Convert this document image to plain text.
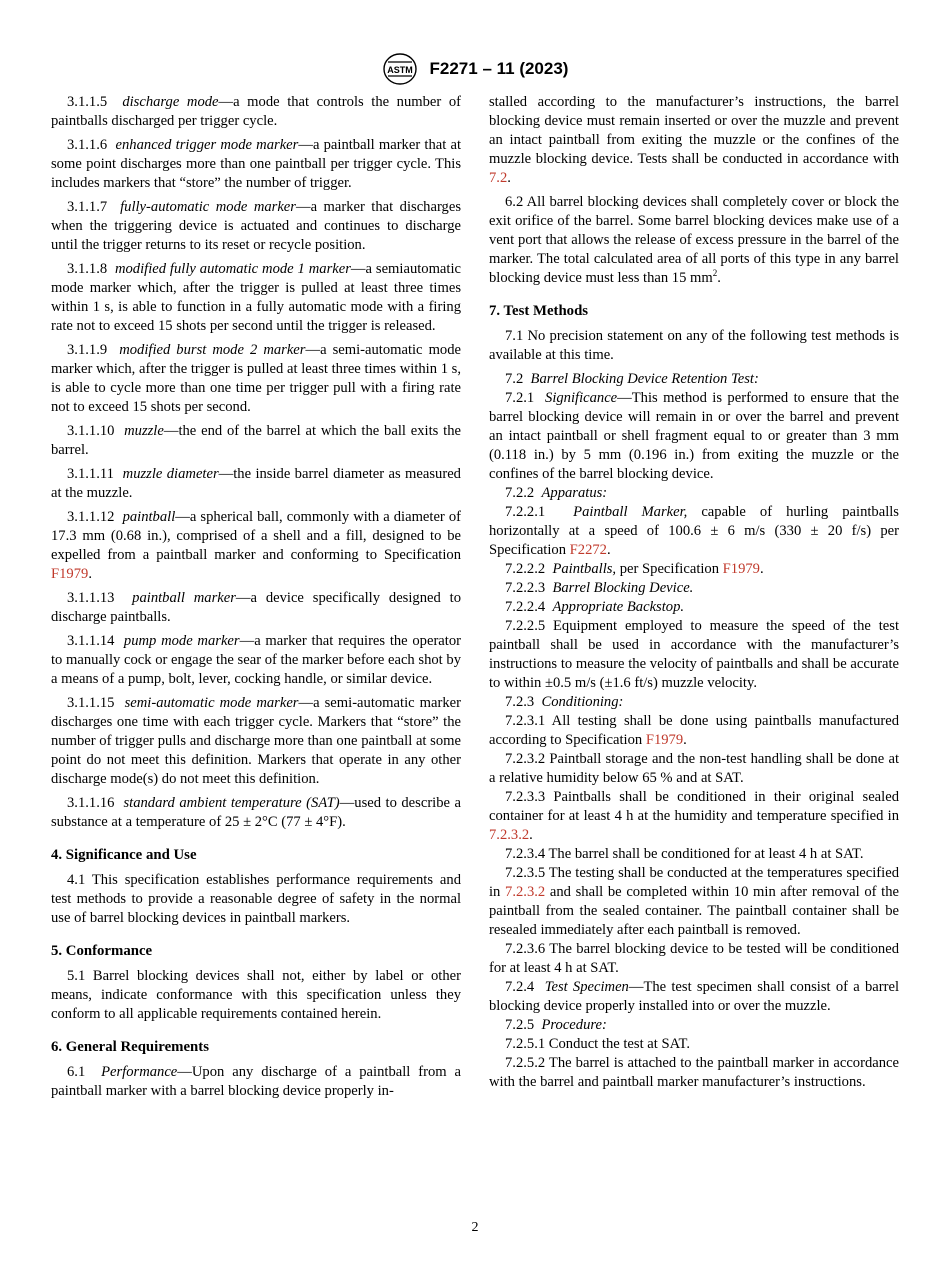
ASTM F2271 – 11 (2023)

3.1.1.5 discharge mode—a mode that controls the number of paintballs discharged per trigger cycle.

3.1.1.6 enhanced trigger mode marker—a paintball marker that at some point discharges more than one paintball per trigger cycle. This includes markers that “store” the number of trigger.

3.1.1.7 fully-automatic mode marker—a marker that discharges when the triggering device is actuated and continues to discharge until the trigger returns to its reset or recycle position.

3.1.1.8 modified fully automatic mode 1 marker—a semiautomatic mode marker which, after the trigger is pulled at least three times within 1 s, is able to function in a fully automatic mode with a firing rate not to exceed 15 shots per second until the trigger is released.

3.1.1.9 modified burst mode 2 marker—a semi-automatic mode marker which, after the trigger is pulled at least three times within 1 s, is able to cycle more than one time per trigger pull with a firing rate not to exceed 15 shots per second.

3.1.1.10 muzzle—the end of the barrel at which the ball exits the barrel.

3.1.1.11 muzzle diameter—the inside barrel diameter as measured at the muzzle.

3.1.1.12 paintball—a spherical ball, commonly with a diameter of 17.3 mm (0.68 in.), comprised of a shell and a fill, designed to be expelled from a paintball marker and conforming to Specification F1979.

3.1.1.13 paintball marker—a device specifically designed to discharge paintballs.

3.1.1.14 pump mode marker—a marker that requires the operator to manually cock or engage the sear of the marker before each shot by a means of a pump, bolt, lever, cocking handle, or similar device.

3.1.1.15 semi-automatic mode marker—a semi-automatic marker discharges one time with each trigger cycle. Markers that “store” the number of trigger pulls and discharge more than one paintball at some point do not meet this definition. Markers that operate in any other discharge mode(s) do not meet this definition.

3.1.1.16 standard ambient temperature (SAT)—used to describe a substance at a temperature of 25 ± 2°C (77 ± 4°F).

4. Significance and Use

4.1 This specification establishes performance requirements and test methods to provide a reasonable degree of safety in the normal use of barrel blocking devices in paintball markers.

5. Conformance

5.1 Barrel blocking devices shall not, either by label or other means, indicate conformance with this specification unless they conform to all applicable requirements contained herein.

6. General Requirements

6.1 Performance—Upon any discharge of a paintball from a paintball marker with a barrel blocking device properly in-

stalled according to the manufacturer’s instructions, the barrel blocking device must remain inserted or over the muzzle and prevent an intact paintball from exiting the muzzle or the confines of the muzzle blocking device. Tests shall be conducted in accordance with 7.2.

6.2 All barrel blocking devices shall completely cover or block the exit orifice of the barrel. Some barrel blocking devices make use of a vent port that allows the release of excess pressure in the barrel of the marker. The total calculated area of all ports of this type in any barrel blocking device must less than 15 $mm^2$.

7. Test Methods

7.1 No precision statement on any of the following test methods is available at this time.

7.2 Barrel Blocking Device Retention Test:

7.2.1 Significance—This method is performed to ensure that the barrel blocking device will remain in or over the barrel and prevent an intact paintball or shell fragment equal to or greater than 3 mm (0.118 in.) by 5 mm (0.196 in.) from exiting the muzzle or the confines of the barrel blocking device.

7.2.2 Apparatus:

7.2.2.1 Paintball Marker, capable of hurling paintballs horizontally at a speed of 100.6 ± 6 m/s (330 ± 20 f/s) per Specification F2272.

7.2.2.2 Paintballs, per Specification F1979.

7.2.2.3 Barrel Blocking Device.

7.2.2.4 Appropriate Backstop.

7.2.2.5 Equipment employed to measure the speed of the test paintball shall be used in accordance with the manufacturer’s instructions to measure the velocity of paintballs and shall be accurate to within ±0.5 m/s (±1.6 ft/s) muzzle velocity.

7.2.3 Conditioning:

7.2.3.1 All testing shall be done using paintballs manufactured according to Specification F1979.

7.2.3.2 Paintball storage and the non-test handling shall be done at a relative humidity below 65 % and at SAT.

7.2.3.3 Paintballs shall be conditioned in their original sealed container for at least 4 h at the humidity and temperature specified in 7.2.3.2.

7.2.3.4 The barrel shall be conditioned for at least 4 h at SAT.

7.2.3.5 The testing shall be conducted at the temperatures specified in 7.2.3.2 and shall be completed within 10 min after removal of the paintball from the sealed container. The paintball container shall be resealed immediately after each paintball is removed.

7.2.3.6 The barrel blocking device to be tested will be conditioned for at least 4 h at SAT.

7.2.4 Test Specimen—The test specimen shall consist of a barrel blocking device properly installed into or over the muzzle.

7.2.5 Procedure:

7.2.5.1 Conduct the test at SAT.

7.2.5.2 The barrel is attached to the paintball marker in accordance with the barrel and paintball marker manufacturer’s instructions.

2
